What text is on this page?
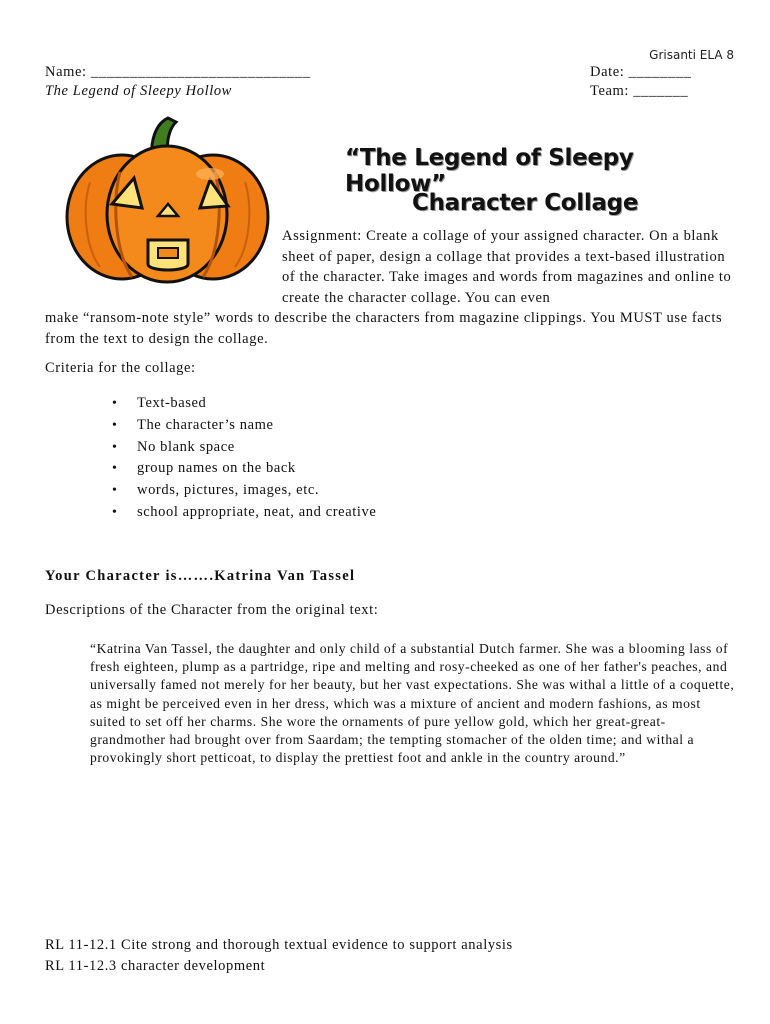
Grisanti ELA 8
Name: ____________________________
The Legend of Sleepy Hollow
Date: ________
Team: _______
“The Legend of Sleepy Hollow”
Character Collage
Assignment: Create a collage of your assigned character. On a blank sheet of paper, design a collage that provides a text-based illustration of the character. Take images and words from magazines and online to create the character collage. You can even
make “ransom-note style” words to describe the characters from magazine clippings. You MUST use facts from the text to design the collage.
Criteria for the collage:
• Text-based
• The character’s name
• No blank space
• group names on the back
• words, pictures, images, etc.
• school appropriate, neat, and creative
Your Character is…….Katrina Van Tassel
Descriptions of the Character from the original text:
“Katrina Van Tassel, the daughter and only child of a substantial Dutch farmer. She was a blooming lass of fresh eighteen, plump as a partridge, ripe and melting and rosy-cheeked as one of her father's peaches, and universally famed not merely for her beauty, but her vast expectations. She was withal a little of a coquette, as might be perceived even in her dress, which was a mixture of ancient and modern fashions, as most suited to set off her charms. She wore the ornaments of pure yellow gold, which her great-great-grandmother had brought over from Saardam; the tempting stomacher of the olden time; and withal a provokingly short petticoat, to display the prettiest foot and ankle in the country around.”
RL 11-12.1 Cite strong and thorough textual evidence to support analysis
RL 11-12.3 character development
